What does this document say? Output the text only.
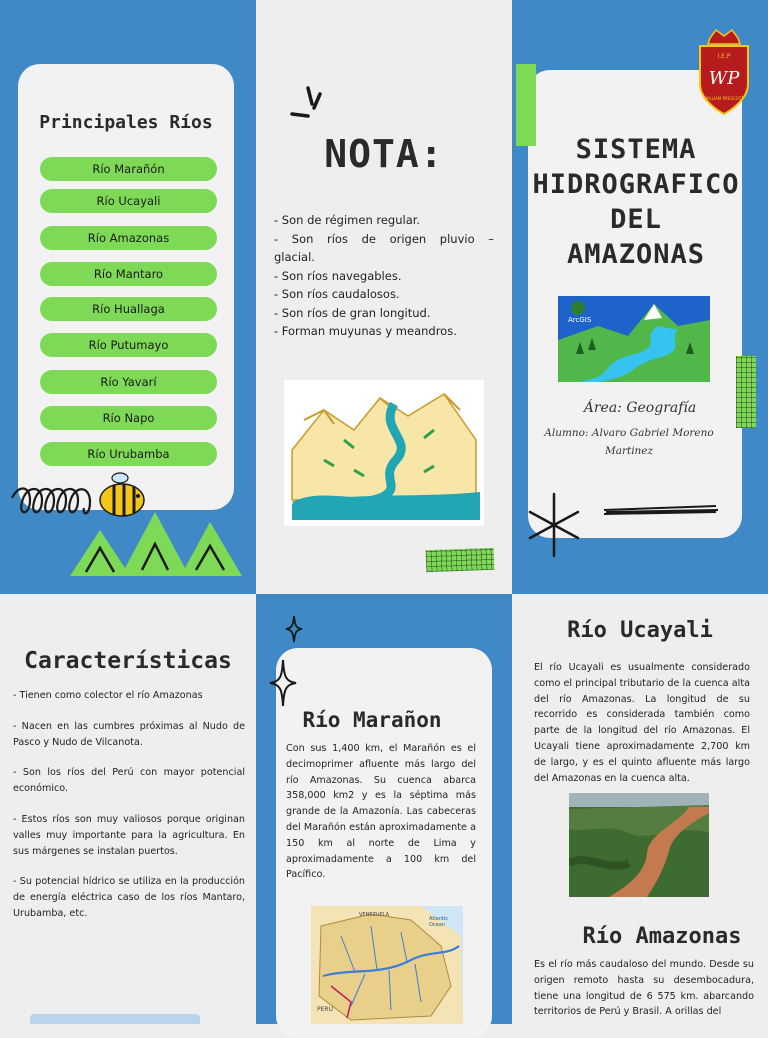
Principales Ríos
Río Marañón
Río Ucayali
Río Amazonas
Río Mantaro
Río Huallaga
Río Putumayo
Río Yavarí
Río Napo
Río Urubamba
NOTA:
- Son de régimen regular.
- Son ríos de origen pluvio – glacial.
- Son ríos navegables.
- Son ríos caudalosos.
- Son ríos de gran longitud.
- Forman muyunas y meandros.
I.E.P
WP
WILLIAM PRESCOTT
SISTEMA
HIDROGRAFICO
DEL
AMAZONAS
ArcGIS
Área: Geografía
Alumno: Alvaro Gabriel Moreno Martinez
Características

- Tienen como colector el río Amazonas

- Nacen en las cumbres próximas al Nudo de Pasco y Nudo de Vilcanota.

- Son los ríos del Perú con mayor potencial económico.

- Estos ríos son muy valiosos porque originan valles muy importante para la agricultura. En sus márgenes se instalan puertos.

- Su potencial hídrico se utiliza en la producción de energía eléctrica caso de los ríos Mantaro, Urubamba, etc.

Río Marañon
Con sus 1,400 km, el Marañón es el decimoprimer afluente más largo del río Amazonas. Su cuenca abarca 358,000 km2 y es la séptima más grande de la Amazonía. Las cabeceras del Marañón están aproximadamente a 150 km al norte de Lima y aproximadamente a 100 km del Pacífico.
VENEZUELA
Atlantic Ocean
PERU
Río Ucayali
El río Ucayali es usualmente considerado como el principal tributario de la cuenca alta del río Amazonas. La longitud de su recorrido es considerada también como parte de la longitud del río Amazonas. El Ucayali tiene aproximadamente 2,700 km de largo, y es el quinto afluente más largo del Amazonas en la cuenca alta.
Río Amazonas
Es el río más caudaloso del mundo. Desde su origen remoto hasta su desembocadura, tiene una longitud de 6 575 km. abarcando territorios de Perú y Brasil. A orillas del
